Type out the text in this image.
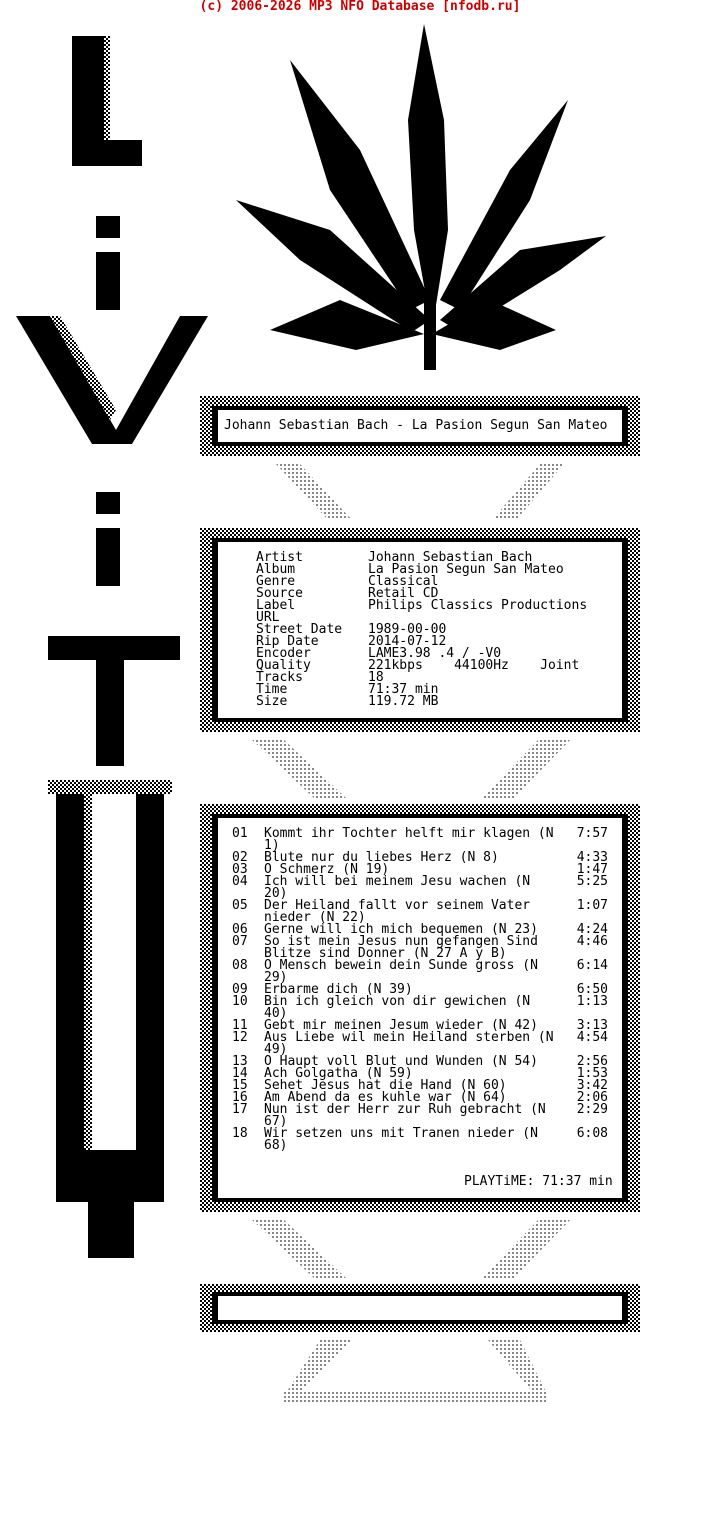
(c) 2006-2026 MP3 NFO Database [nfodb.ru]
Johann Sebastian Bach - La Pasion Segun San Mateo
Artist	Johann Sebastian Bach
Album	La Pasion Segun San Mateo
Genre	Classical
Source	Retail CD
Label	Philips Classics Productions
URL
Street Date 1989-00-00
Rip Date	2014-07-12
Encoder	LAME3.98 .4 / -V0
Quality	221kbps    44100Hz    Joint
Tracks	18
Time	71:37 min
Size	119.72 MB
01 Kommt ihr Tochter helft mir klagen (N 1)
7:57
02 Blute nur du liebes Herz (N 8)	4:33
03 O Schmerz (N 19)	1:47
04 Ich will bei meinem Jesu wachen (N 20)
5:25
05 Der Heiland fallt vor seinem Vater nieder (N 22)
1:07
06 Gerne will ich mich bequemen (N 23)	4:24
07 So ist mein Jesus nun gefangen Sind Blitze sind Donner (N 27 A y B)
4:46
08 O Mensch bewein dein Sunde gross (N 29)
6:14
09 Erbarme dich (N 39)	6:50
10 Bin ich gleich von dir gewichen (N 40)
1:13
11 Gebt mir meinen Jesum wieder (N 42)	3:13
12 Aus Liebe wil mein Heiland sterben (N 49)
4:54
13 O Haupt voll Blut und Wunden (N 54)	2:56
14 Ach Golgatha (N 59)	1:53
15 Sehet Jesus hat die Hand (N 60)	3:42
16 Am Abend da es kuhle war (N 64)	2:06
17 Nun ist der Herr zur Ruh gebracht (N 67)
2:29
18 Wir setzen uns mit Tranen nieder (N 68)
6:08
PLAYTiME: 71:37 min
